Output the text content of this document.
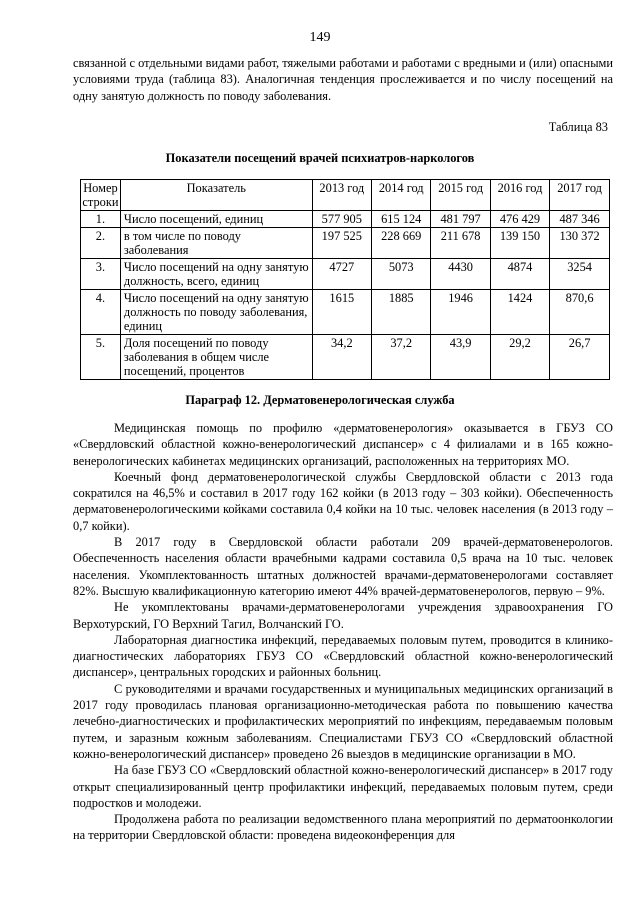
149

связанной с отдельными видами работ, тяжелыми работами и работами с вредными и (или) опасными условиями труда (таблица 83). Аналогичная тенденция прослеживается и по числу посещений на одну занятую должность по поводу заболевания.

Таблица 83
Показатели посещений врачей психиатров-наркологов
Номер строки	Показатель	2013 год	2014 год	2015 год	2016 год	2017 год
1.	Число посещений, единиц	577 905	615 124	481 797	476 429	487 346
2.	в том числе по поводу заболевания	197 525	228 669	211 678	139 150	130 372
3.	Число посещений на одну занятую должность, всего, единиц	4727	5073	4430	4874	3254
4.	Число посещений на одну занятую должность по поводу заболевания, единиц	1615	1885	1946	1424	870,6
5.	Доля посещений по поводу заболевания в общем числе посещений, процентов	34,2	37,2	43,9	29,2	26,7
Параграф 12. Дерматовенерологическая служба

Медицинская помощь по профилю «дерматовенерология» оказывается в ГБУЗ СО «Свердловский областной кожно-венерологический диспансер» с 4 филиалами и в 165 кожно-венерологических кабинетах медицинских организаций, расположенных на территориях МО.

Коечный фонд дерматовенерологической службы Свердловской области с 2013 года сократился на 46,5% и составил в 2017 году 162 койки (в 2013 году – 303 койки). Обеспеченность дерматовенерологическими койками составила 0,4 койки на 10 тыс. человек населения (в 2013 году – 0,7 койки).

В 2017 году в Свердловской области работали 209 врачей-дерматовенерологов. Обеспеченность населения области врачебными кадрами составила 0,5 врача на 10 тыс. человек населения. Укомплектованность штатных должностей врачами-дерматовенерологами составляет 82%. Высшую квалификационную категорию имеют 44% врачей-дерматовенерологов, первую – 9%.

Не укомплектованы врачами-дерматовенерологами учреждения здравоохранения ГО Верхотурский, ГО Верхний Тагил, Волчанский ГО.

Лабораторная диагностика инфекций, передаваемых половым путем, проводится в клинико-диагностических лабораториях ГБУЗ СО «Свердловский областной кожно-венерологический диспансер», центральных городских и районных больниц.

С руководителями и врачами государственных и муниципальных медицинских организаций в 2017 году проводилась плановая организационно-методическая работа по повышению качества лечебно-диагностических и профилактических мероприятий по инфекциям, передаваемым половым путем, и заразным кожным заболеваниям. Специалистами ГБУЗ СО «Свердловский областной кожно-венерологический диспансер» проведено 26 выездов в медицинские организации в МО.

На базе ГБУЗ СО «Свердловский областной кожно-венерологический диспансер» в 2017 году открыт специализированный центр профилактики инфекций, передаваемых половым путем, среди подростков и молодежи.

Продолжена работа по реализации ведомственного плана мероприятий по дерматоонкологии на территории Свердловской области: проведена видеоконференция для
